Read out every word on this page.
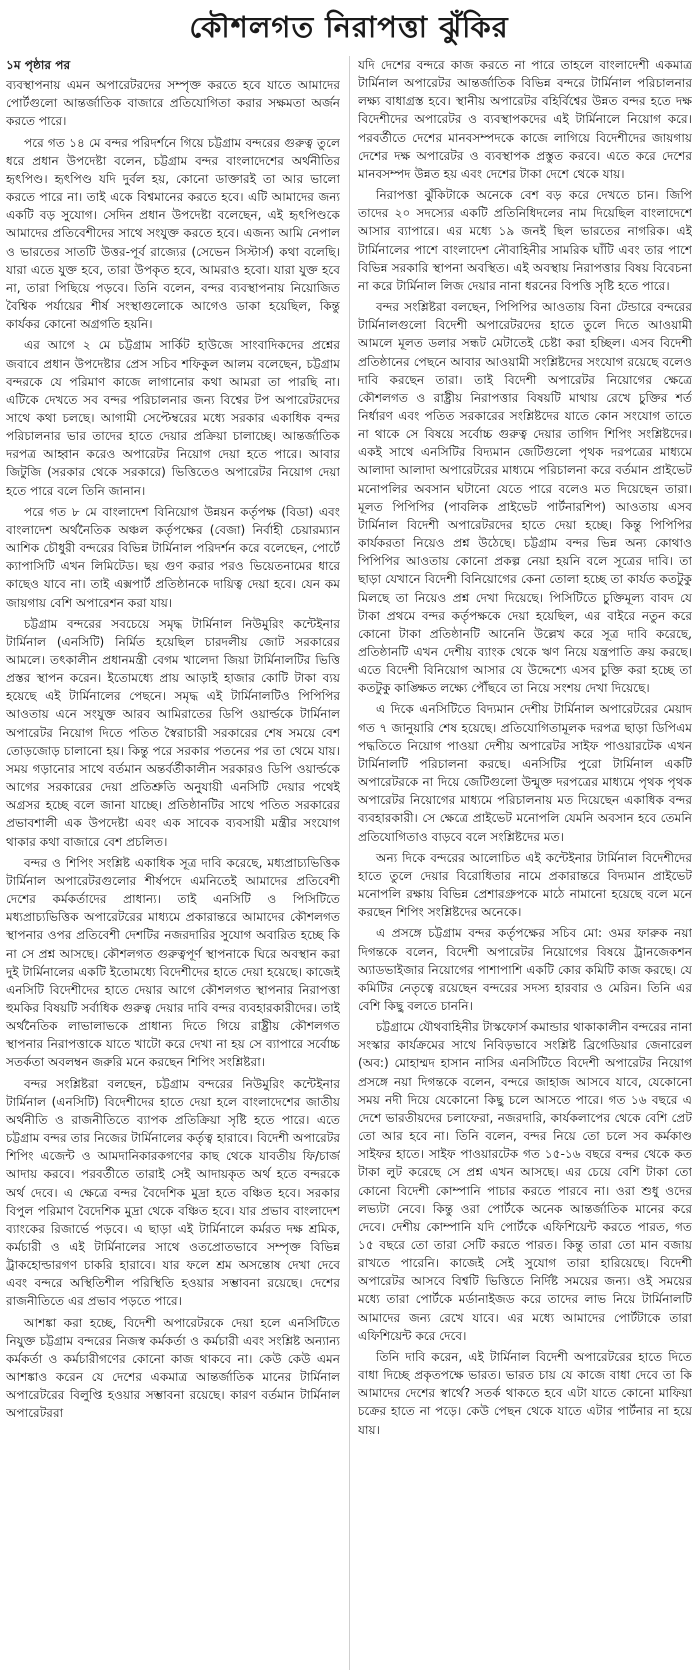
কৌশলগত নিরাপত্তা ঝুঁকির

১ম পৃষ্ঠার পর

ব্যবস্থাপনায় এমন অপারেটরদের সম্পৃক্ত করতে হবে যাতে আমাদের পোর্টগুলো আন্তর্জাতিক বাজারে প্রতিযোগিতা করার সক্ষমতা অর্জন করতে পারে।

পরে গত ১৪ মে বন্দর পরিদর্শনে গিয়ে চট্টগ্রাম বন্দরের গুরুত্ব তুলে ধরে প্রধান উপদেষ্টা বলেন, চট্টগ্রাম বন্দর বাংলাদেশের অর্থনীতির হৃৎপিণ্ড। হৃৎপিণ্ড যদি দুর্বল হয়, কোনো ডাক্তারই তা আর ভালো করতে পারে না। তাই একে বিশ্বমানের করতে হবে। এটি আমাদের জন্য একটি বড় সুযোগ। সেদিন প্রধান উপদেষ্টা বলেছেন, এই হৃৎপিণ্ডকে আমাদের প্রতিবেশীদের সাথে সংযুক্ত করতে হবে। এজন্য আমি নেপাল ও ভারতের সাতটি উত্তর-পূর্ব রাজ্যের (সেভেন সিস্টার্স) কথা বলেছি। যারা এতে যুক্ত হবে, তারা উপকৃত হবে, আমরাও হবো। যারা যুক্ত হবে না, তারা পিছিয়ে পড়বে। তিনি বলেন, বন্দর ব্যবস্থাপনায় নিয়োজিত বৈশ্বিক পর্যায়ের শীর্ষ সংস্থাগুলোকে আগেও ডাকা হয়েছিল, কিন্তু কার্যকর কোনো অগ্রগতি হয়নি।

এর আগে ২ মে চট্টগ্রাম সার্কিট হাউজে সাংবাদিকদের প্রশ্নের জবাবে প্রধান উপদেষ্টার প্রেস সচিব শফিকুল আলম বলেছেন, চট্টগ্রাম বন্দরকে যে পরিমাণ কাজে লাগানোর কথা আমরা তা পারছি না। এটিকে দেখতে সব বন্দর পরিচালনার জন্য বিশ্বের টপ অপারেটরদের সাথে কথা চলছে। আগামী সেপ্টেম্বরের মধ্যে সরকার একাধিক বন্দর পরিচালনার ভার তাদের হাতে দেয়ার প্রক্রিয়া চালাচ্ছে। আন্তর্জাতিক দরপত্র আহ্বান করেও অপারেটর নিয়োগ দেয়া হতে পারে। আবার জিটুজি (সরকার থেকে সরকারে) ভিত্তিতেও অপারেটর নিয়োগ দেয়া হতে পারে বলে তিনি জানান।

পরে গত ৮ মে বাংলাদেশ বিনিয়োগ উন্নয়ন কর্তৃপক্ষ (বিডা) এবং বাংলাদেশ অর্থনৈতিক অঞ্চল কর্তৃপক্ষের (বেজা) নির্বাহী চেয়ারম্যান আশিক চৌধুরী বন্দরের বিভিন্ন টার্মিনাল পরিদর্শন করে বলেছেন, পোর্টে ক্যাপাসিটি এখন লিমিটেড। ছয় গুণ করার পরও ভিয়েতনামের ধারে কাছেও যাবে না। তাই এক্সপার্ট প্রতিষ্ঠানকে দায়িত্ব দেয়া হবে। যেন কম জায়গায় বেশি অপারেশন করা যায়।

চট্টগ্রাম বন্দরের সবচেয়ে সমৃদ্ধ টার্মিনাল নিউমুরিং কন্টেইনার টার্মিনাল (এনসিটি) নির্মিত হয়েছিল চারদলীয় জোট সরকারের আমলে। তৎকালীন প্রধানমন্ত্রী বেগম খালেদা জিয়া টার্মিনালটির ভিত্তি প্রস্তর স্থাপন করেন। ইতোমধ্যে প্রায় আড়াই হাজার কোটি টাকা ব্যয় হয়েছে এই টার্মিনালের পেছনে। সমৃদ্ধ এই টার্মিনালটিও পিপিপির আওতায় এনে সংযুক্ত আরব আমিরাতের ডিপি ওয়ার্ল্ডকে টার্মিনাল অপারেটর নিয়োগ দিতে পতিত স্বৈরাচারী সরকারের শেষ সময়ে বেশ তোড়জোড় চালানো হয়। কিন্তু পরে সরকার পতনের পর তা থেমে যায়। সময় গড়ানোর সাথে বর্তমান অন্তর্বর্তীকালীন সরকারও ডিপি ওয়ার্ল্ডকে আগের সরকারের দেয়া প্রতিশ্রুতি অনুযায়ী এনসিটি দেয়ার পথেই অগ্রসর হচ্ছে বলে জানা যাচ্ছে। প্রতিষ্ঠানটির সাথে পতিত সরকারের প্রভাবশালী এক উপদেষ্টা এবং এক সাবেক ব্যবসায়ী মন্ত্রীর সংযোগ থাকার কথা বাজারে বেশ প্রচলিত।

বন্দর ও শিপিং সংশ্লিষ্ট একাধিক সূত্র দাবি করেছে, মধ্যপ্রাচ্যভিত্তিক টার্মিনাল অপারেটরগুলোর শীর্ষপদে এমনিতেই আমাদের প্রতিবেশী দেশের কর্মকর্তাদের প্রাধান্য। তাই এনসিটি ও পিসিটিতে মধ্যপ্রাচ্যভিত্তিক অপারেটরের মাধ্যমে প্রকারান্তরে আমাদের কৌশলগত স্থাপনার ওপর প্রতিবেশী দেশটির নজরদারির সুযোগ অবারিত হচ্ছে কি না সে প্রশ্ন আসছে। কৌশলগত গুরুত্বপূর্ণ স্থাপনাকে ঘিরে অবস্থান করা দুই টার্মিনালের একটি ইতোমধ্যে বিদেশীদের হাতে দেয়া হয়েছে। কাজেই এনসিটি বিদেশীদের হাতে দেয়ার আগে কৌশলগত স্থাপনার নিরাপত্তা হুমকির বিষয়টি সর্বাধিক গুরুত্ব দেয়ার দাবি বন্দর ব্যবহারকারীদের। তাই অর্থনৈতিক লাভালাভকে প্রাধান্য দিতে গিয়ে রাষ্ট্রীয় কৌশলগত স্থাপনার নিরাপত্তাকে যাতে খাটো করে দেখা না হয় সে ব্যাপারে সর্বোচ্চ সতর্কতা অবলম্বন জরুরি মনে করছেন শিপিং সংশ্লিষ্টরা।

বন্দর সংশ্লিষ্টরা বলছেন, চট্টগ্রাম বন্দরের নিউমুরিং কন্টেইনার টার্মিনাল (এনসিটি) বিদেশীদের হাতে দেয়া হলে বাংলাদেশের জাতীয় অর্থনীতি ও রাজনীতিতে ব্যাপক প্রতিক্রিয়া সৃষ্টি হতে পারে। এতে চট্টগ্রাম বন্দর তার নিজের টার্মিনালের কর্তৃত্ব হারাবে। বিদেশী অপারেটর শিপিং এজেন্ট ও আমদানিকারকগণের কাছ থেকে যাবতীয় ফি/চার্জ আদায় করবে। পরবর্তীতে তারাই সেই আদায়কৃত অর্থ হতে বন্দরকে অর্থ দেবে। এ ক্ষেত্রে বন্দর বৈদেশিক মুদ্রা হতে বঞ্চিত হবে। সরকার বিপুল পরিমাণ বৈদেশিক মুদ্রা থেকে বঞ্চিত হবে। যার প্রভাব বাংলাদেশ ব্যাংকের রিজার্ভে পড়বে। এ ছাড়া এই টার্মিনালে কর্মরত দক্ষ শ্রমিক, কর্মচারী ও এই টার্মিনালের সাথে ওতপ্রোতভাবে সম্পৃক্ত বিভিন্ন ট্রাকহোল্ডারগণ চাকরি হারাবে। যার ফলে শ্রম অসন্তোষ দেখা দেবে এবং বন্দরে অস্থিতিশীল পরিস্থিতি হওয়ার সম্ভাবনা রয়েছে। দেশের রাজনীতিতে এর প্রভাব পড়তে পারে।

আশঙ্কা করা হচ্ছে, বিদেশী অপারেটরকে দেয়া হলে এনসিটিতে নিযুক্ত চট্টগ্রাম বন্দরের নিজস্ব কর্মকর্তা ও কর্মচারী এবং সংশ্লিষ্ট অন্যান্য কর্মকর্তা ও কর্মচারীগণের কোনো কাজ থাকবে না। কেউ কেউ এমন আশঙ্কাও করেন যে দেশের একমাত্র আন্তর্জাতিক মানের টার্মিনাল অপারেটরের বিলুপ্তি হওয়ার সম্ভাবনা রয়েছে। কারণ বর্তমান টার্মিনাল অপারেটররা

যদি দেশের বন্দরে কাজ করতে না পারে তাহলে বাংলাদেশী একমাত্র টার্মিনাল অপারেটর আন্তর্জাতিক বিভিন্ন বন্দরে টার্মিনাল পরিচালনার লক্ষ্য বাধাগ্রস্ত হবে। স্থানীয় অপারেটর বহির্বিশ্বের উন্নত বন্দর হতে দক্ষ বিদেশীদের অপারেটর ও ব্যবস্থাপকদের এই টার্মিনালে নিয়োগ করে। পরবর্তীতে দেশের মানবসম্পদকে কাজে লাগিয়ে বিদেশীদের জায়গায় দেশের দক্ষ অপারেটর ও ব্যবস্থাপক প্রস্তুত করবে। এতে করে দেশের মানবসম্পদ উন্নত হয় এবং দেশের টাকা দেশে থেকে যায়।

নিরাপত্তা ঝুঁকিটাকে অনেকে বেশ বড় করে দেখতে চান। জিপি তাদের ২০ সদস্যের একটি প্রতিনিধিদলের নাম দিয়েছিল বাংলাদেশে আসার ব্যাপারে। এর মধ্যে ১৯ জনই ছিল ভারতের নাগরিক। এই টার্মিনালের পাশে বাংলাদেশ নৌবাহিনীর সামরিক ঘাঁটি এবং তার পাশে বিভিন্ন সরকারি স্থাপনা অবস্থিত। এই অবস্থায় নিরাপত্তার বিষয় বিবেচনা না করে টার্মিনাল লিজ দেয়ার নানা ধরনের বিপত্তি সৃষ্টি হতে পারে।

বন্দর সংশ্লিষ্টরা বলছেন, পিপিপির আওতায় বিনা টেন্ডারে বন্দরের টার্মিনালগুলো বিদেশী অপারেটরদের হাতে তুলে দিতে আওয়ামী আমলে মূলত ডলার সন্ধট মেটাতেই চেষ্টা করা হচ্ছিল। এসব বিদেশী প্রতিষ্ঠানের পেছনে আবার আওয়ামী সংশ্লিষ্টদের সংযোগ রয়েছে বলেও দাবি করছেন তারা। তাই বিদেশী অপারেটর নিয়োগের ক্ষেত্রে কৌশলগত ও রাষ্ট্রীয় নিরাপত্তার বিষয়টি মাথায় রেখে চুক্তির শর্ত নির্ধারণ এবং পতিত সরকারের সংশ্লিষ্টদের যাতে কোন সংযোগ তাতে না থাকে সে বিষয়ে সর্বোচ্চ গুরুত্ব দেয়ার তাগিদ শিপিং সংশ্লিষ্টদের। একই সাথে এনসিটির বিদ্যমান জেটিগুলো পৃথক দরপত্রের মাধ্যমে আলাদা আলাদা অপারেটরের মাধ্যমে পরিচালনা করে বর্তমান প্রাইভেট মনোপলির অবসান ঘটানো যেতে পারে বলেও মত দিয়েছেন তারা। মূলত পিপিপির (পাবলিক প্রাইভেট পার্টনারশিপ) আওতায় এসব টার্মিনাল বিদেশী অপারেটরদের হাতে দেয়া হচ্ছে। কিন্তু পিপিপির কার্যকরতা নিয়েও প্রশ্ন উঠেছে। চট্টগ্রাম বন্দর ভিন্ন অন্য কোথাও পিপিপির আওতায় কোনো প্রকল্প নেয়া হয়নি বলে সূত্রের দাবি। তা ছাড়া যেখানে বিদেশী বিনিয়োগের কেনা তোলা হচ্ছে তা কার্যত কতটুকু মিলছে তা নিয়েও প্রশ্ন দেখা দিয়েছে। পিসিটিতে চুক্তিমূল্য বাবদ যে টাকা প্রথমে বন্দর কর্তৃপক্ষকে দেয়া হয়েছিল, এর বাইরে নতুন করে কোনো টাকা প্রতিষ্ঠানটি আনেনি উল্লেখ করে সূত্র দাবি করেছে, প্রতিষ্ঠানটি এখন দেশীয় ব্যাংক থেকে ঋণ নিয়ে যন্ত্রপাতি ক্রয় করছে। এতে বিদেশী বিনিয়োগ আসার যে উদ্দেশ্যে এসব চুক্তি করা হচ্ছে তা কতটুকু কাঙ্ক্ষিত লক্ষ্যে পৌঁছবে তা নিয়ে সংশয় দেখা দিয়েছে।

এ দিকে এনসিটিতে বিদ্যমান দেশীয় টার্মিনাল অপারেটরের মেয়াদ গত ৭ জানুয়ারি শেষ হয়েছে। প্রতিযোগিতামূলক দরপত্র ছাড়া ডিপিএম পদ্ধতিতে নিয়োগ পাওয়া দেশীয় অপারেটর সাইফ পাওয়ারটেক এখন টার্মিনালটি পরিচালনা করছে। এনসিটির পুরো টার্মিনাল একটি অপারেটরকে না দিয়ে জেটিগুলো উন্মুক্ত দরপত্রের মাধ্যমে পৃথক পৃথক অপারেটর নিয়োগের মাধ্যমে পরিচালনায় মত দিয়েছেন একাধিক বন্দর ব্যবহারকারী। সে ক্ষেত্রে প্রাইভেট মনোপলি যেমনি অবসান হবে তেমনি প্রতিযোগিতাও বাড়বে বলে সংশ্লিষ্টদের মত।

অন্য দিকে বন্দরের আলোচিত এই কন্টেইনার টার্মিনাল বিদেশীদের হাতে তুলে দেয়ার বিরোধিতার নামে প্রকারান্তরে বিদ্যমান প্রাইভেট মনোপলি রক্ষায় বিভিন্ন প্রেশারগ্রুপকে মাঠে নামানো হয়েছে বলে মনে করছেন শিপিং সংশ্লিষ্টদের অনেকে।

এ প্রসঙ্গে চট্টগ্রাম বন্দর কর্তৃপক্ষের সচিব মো: ওমর ফারুক নয়া দিগন্তকে বলেন, বিদেশী অপারেটর নিয়োগের বিষয়ে ট্রানজেকশন অ্যাডভাইজার নিয়োগের পাশাপাশি একটি কোর কমিটি কাজ করছে। যে কমিটির নেতৃত্বে রয়েছেন বন্দরের সদস্য হারবার ও মেরিন। তিনি এর বেশি কিছু বলতে চাননি।

চট্টগ্রামে যৌথবাহিনীর টাস্কফোর্স কমান্ডার থাকাকালীন বন্দরের নানা সংস্কার কার্যক্রমের সাথে নিবিড়ভাবে সংশ্লিষ্ট ব্রিগেডিয়ার জেনারেল (অব:) মোহাম্মদ হাসান নাসির এনসিটিতে বিদেশী অপারেটর নিয়োগ প্রসঙ্গে নয়া দিগন্তকে বলেন, বন্দরে জাহাজ আসবে যাবে, যেকোনো সময় নদী দিয়ে যেকোনো কিছু চলে আসতে পারে। গত ১৬ বছরে এ দেশে ভারতীয়দের চলাফেরা, নজরদারি, কার্যকলাপের থেকে বেশি প্রেট তো আর হবে না। তিনি বলেন, বন্দর নিয়ে তো চলে সব কর্মকাণ্ড সাইফর হাতে। সাইফ পাওয়ারটেক গত ১৫-১৬ বছরে বন্দর থেকে কত টাকা লুট করেছে সে প্রশ্ন এখন আসছে। এর চেয়ে বেশি টাকা তো কোনো বিদেশী কোম্পানি পাচার করতে পারবে না। ওরা শুধু ওদের লভ্যটা নেবে। কিন্তু ওরা পোর্টকে অনেক আন্তর্জাতিক মানের করে দেবে। দেশীয় কোম্পানি যদি পোর্টকে এফিশিয়েন্ট করতে পারত, গত ১৫ বছরে তো তারা সেটি করতে পারত। কিন্তু তারা তো মান বজায় রাখতে পারেনি। কাজেই সেই সুযোগ তারা হারিয়েছে। বিদেশী অপারেটর আসবে বিশ্বটি ভিত্তিতে নির্দিষ্ট সময়ের জন্য। ওই সময়ের মধ্যে তারা পোর্টকে মর্ডানাইজড করে তাদের লাভ নিয়ে টার্মিনালটি আমাদের জন্য রেখে যাবে। এর মধ্যে আমাদের পোর্টটাকে তারা এফিশিয়েন্ট করে দেবে।

তিনি দাবি করেন, এই টার্মিনাল বিদেশী অপারেটরের হাতে দিতে বাধা দিচ্ছে প্রকৃতপক্ষে ভারত। ভারত চায় যে কাজে বাধা দেবে তা কি আমাদের দেশের স্বার্থে? সতর্ক থাকতে হবে এটা যাতে কোনো মাফিয়া চক্রের হাতে না পড়ে। কেউ পেছন থেকে যাতে এটার পার্টনার না হয়ে যায়।
